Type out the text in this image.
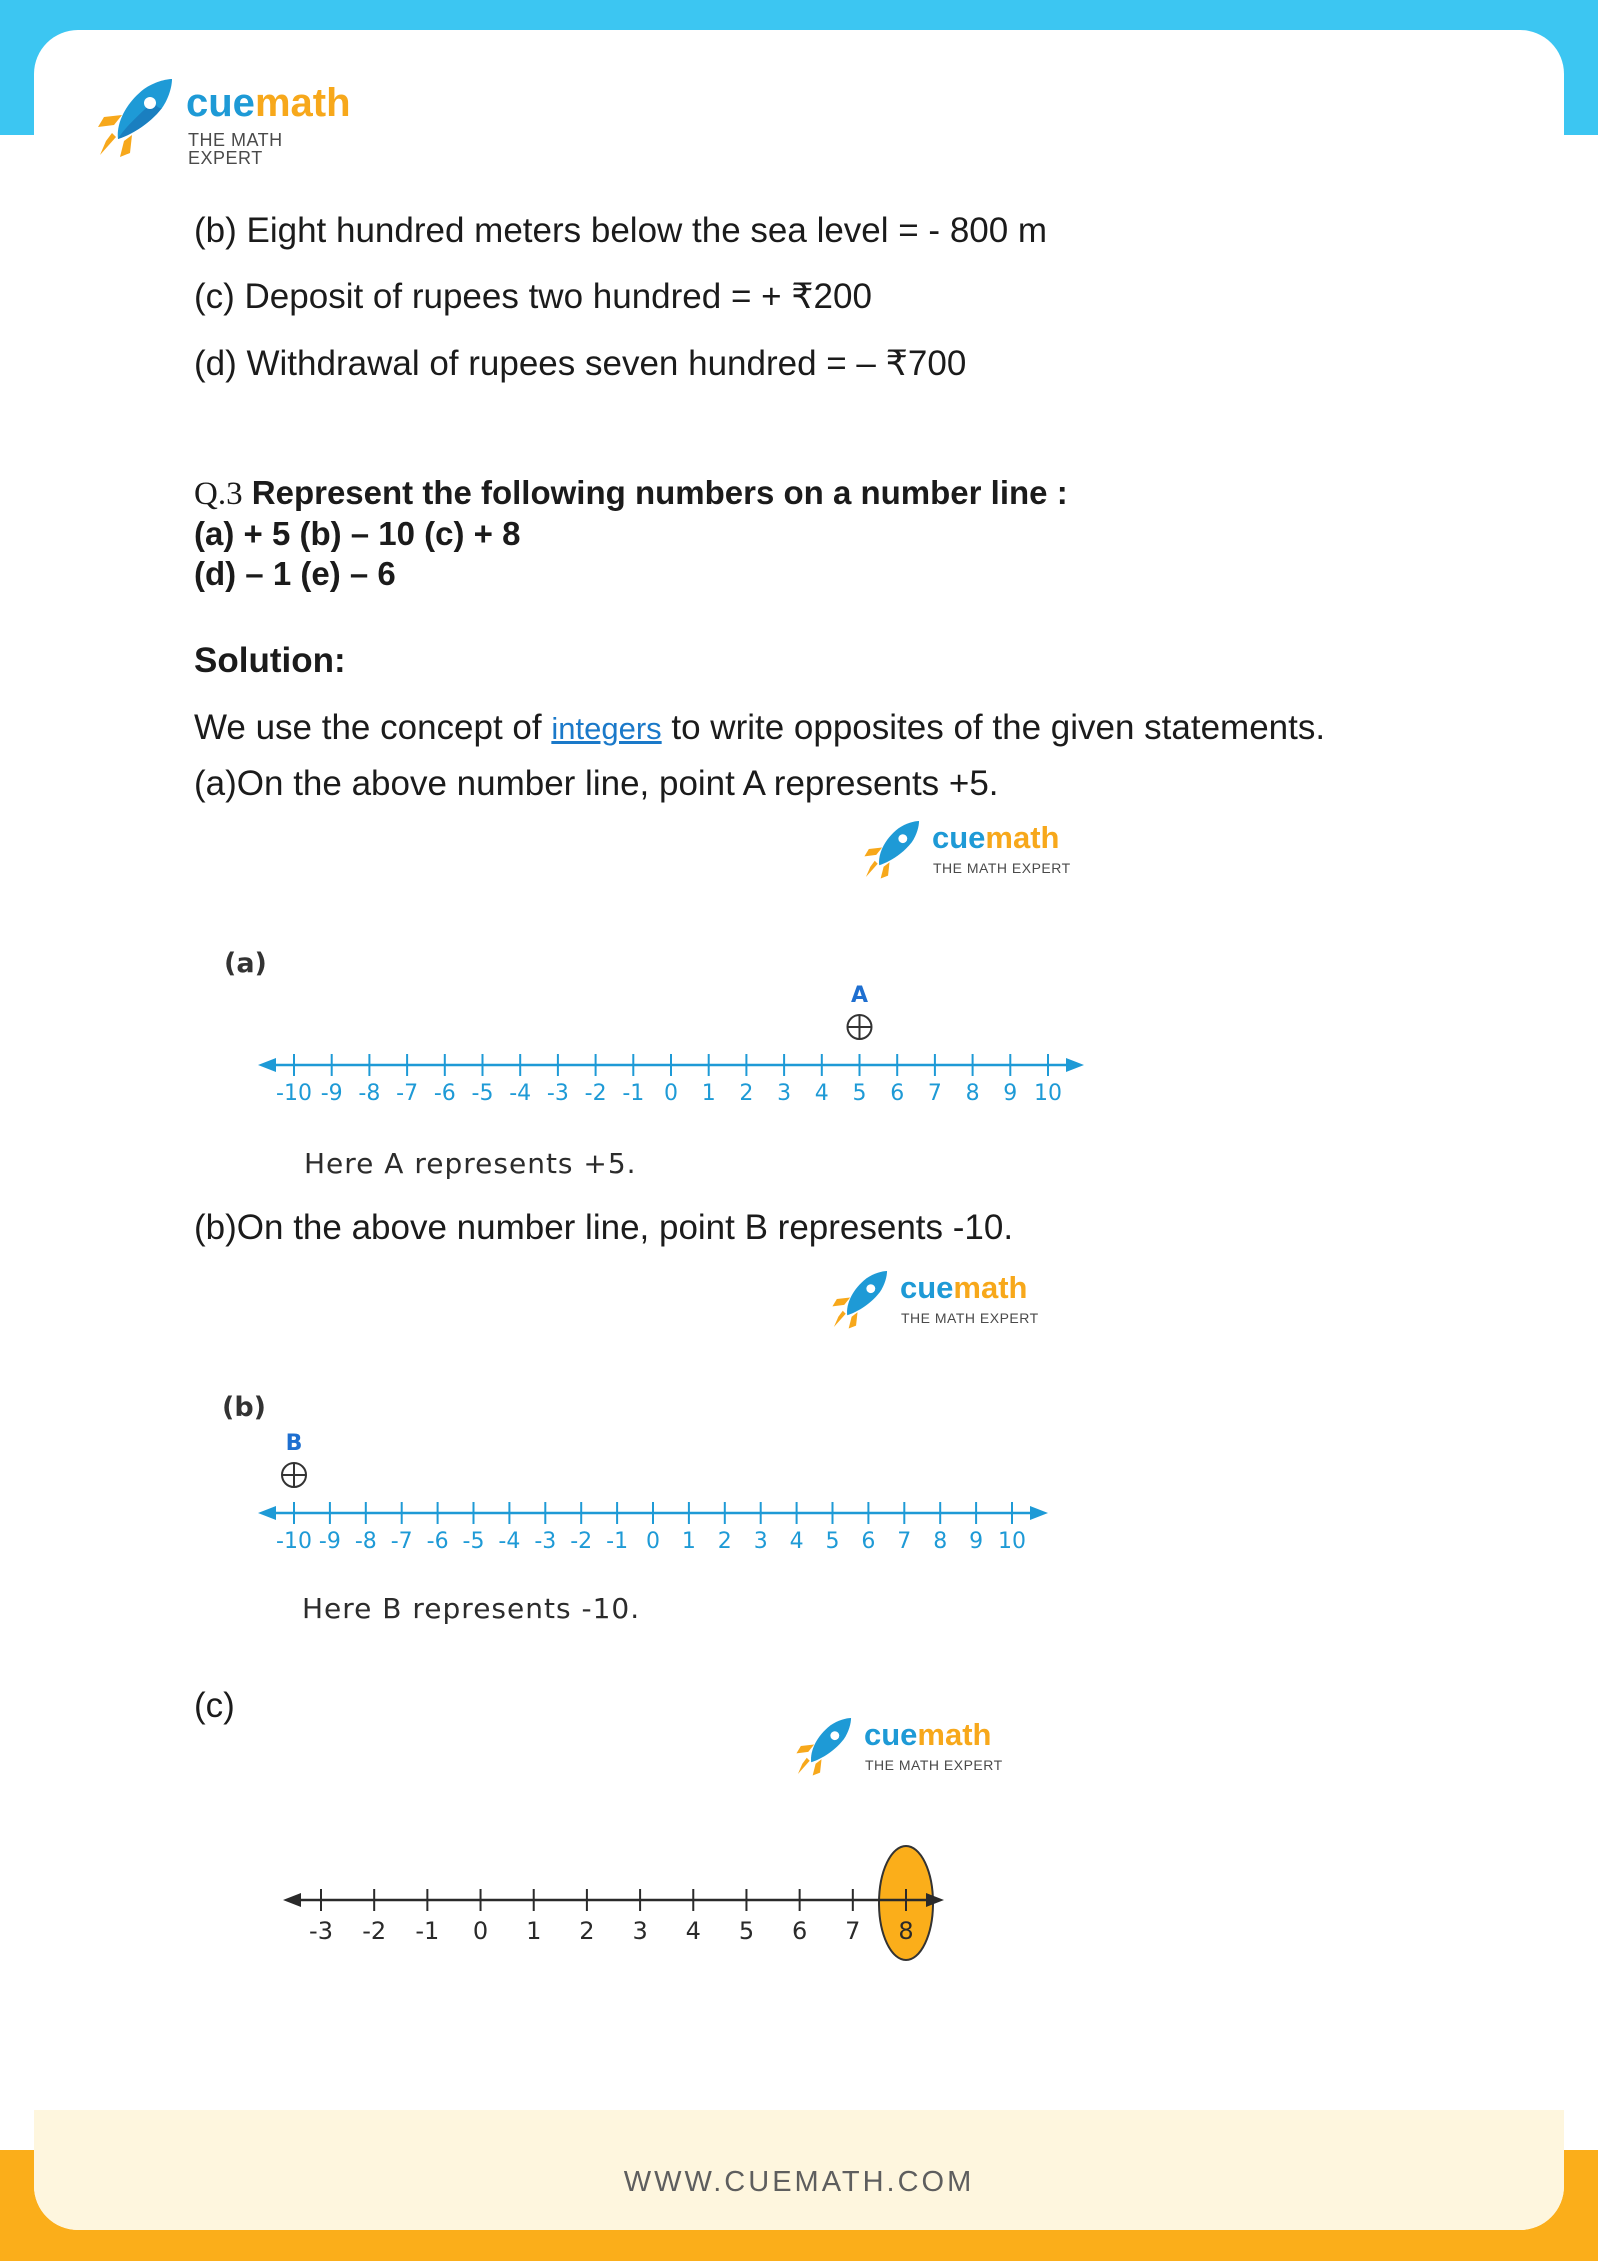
cuemath
THE MATH EXPERT
(b) Eight hundred meters below the sea level = - 800 m
(c) Deposit of rupees two hundred = + ₹200
(d) Withdrawal of rupees seven hundred = – ₹700
Q.3 Represent the following numbers on a number line :
(a) + 5 (b) – 10 (c) + 8
(d) – 1 (e) – 6
Solution:
We use the concept of integers to write opposites of the given statements.
(a)On the above number line, point A represents +5.
cuemath
THE MATH EXPERT
(a)
A
-10 -9 -8 -7 -6 -5 -4 -3 -2 -1 0 1 2 3 4 5 6 7 8 9 10
Here A represents +5.
(b)On the above number line, point B represents -10.
cuemath
THE MATH EXPERT
(b)
B
-10 -9 -8 -7 -6 -5 -4 -3 -2 -1 0 1 2 3 4 5 6 7 8 9 10
Here B represents -10.
(c)
cuemath
THE MATH EXPERT
-3 -2 -1 0 1 2 3 4 5 6 7 8
WWW.CUEMATH.COM
